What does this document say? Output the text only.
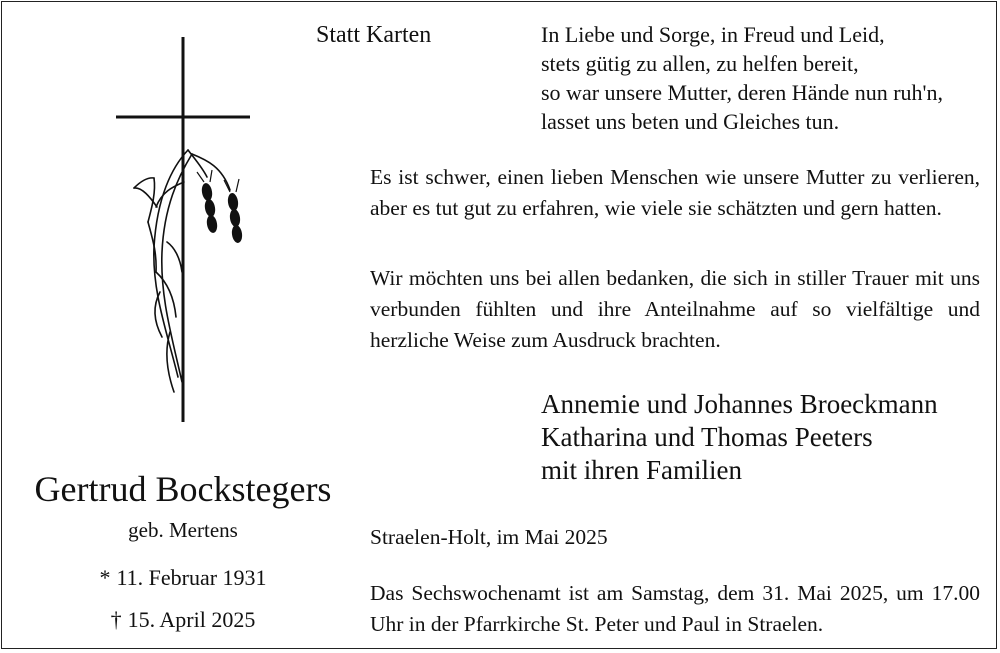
Statt Karten	In Liebe und Sorge, in Freud und Leid,
stets gütig zu allen, zu helfen bereit,
so war unsere Mutter, deren Hände nun ruh'n,
lasset uns beten und Gleiches tun.
Es ist schwer, einen lieben Menschen wie unsere Mutter zu verlieren, aber es tut gut zu erfahren, wie viele sie schätzten und gern hatten.
Wir möchten uns bei allen bedanken, die sich in stiller Trauer mit uns verbunden fühlten und ihre Anteilnahme auf so vielfältige und herzliche Weise zum Ausdruck brachten.
Annemie und Johannes Broeckmann
Katharina und Thomas Peeters
mit ihren Familien
Straelen-Holt, im Mai 2025
Das Sechswochenamt ist am Samstag, dem 31. Mai 2025, um 17.00 Uhr in der Pfarrkirche St. Peter und Paul in Straelen.
Gertrud Bockstegers
geb. Mertens
* 11. Februar 1931
† 15. April 2025
